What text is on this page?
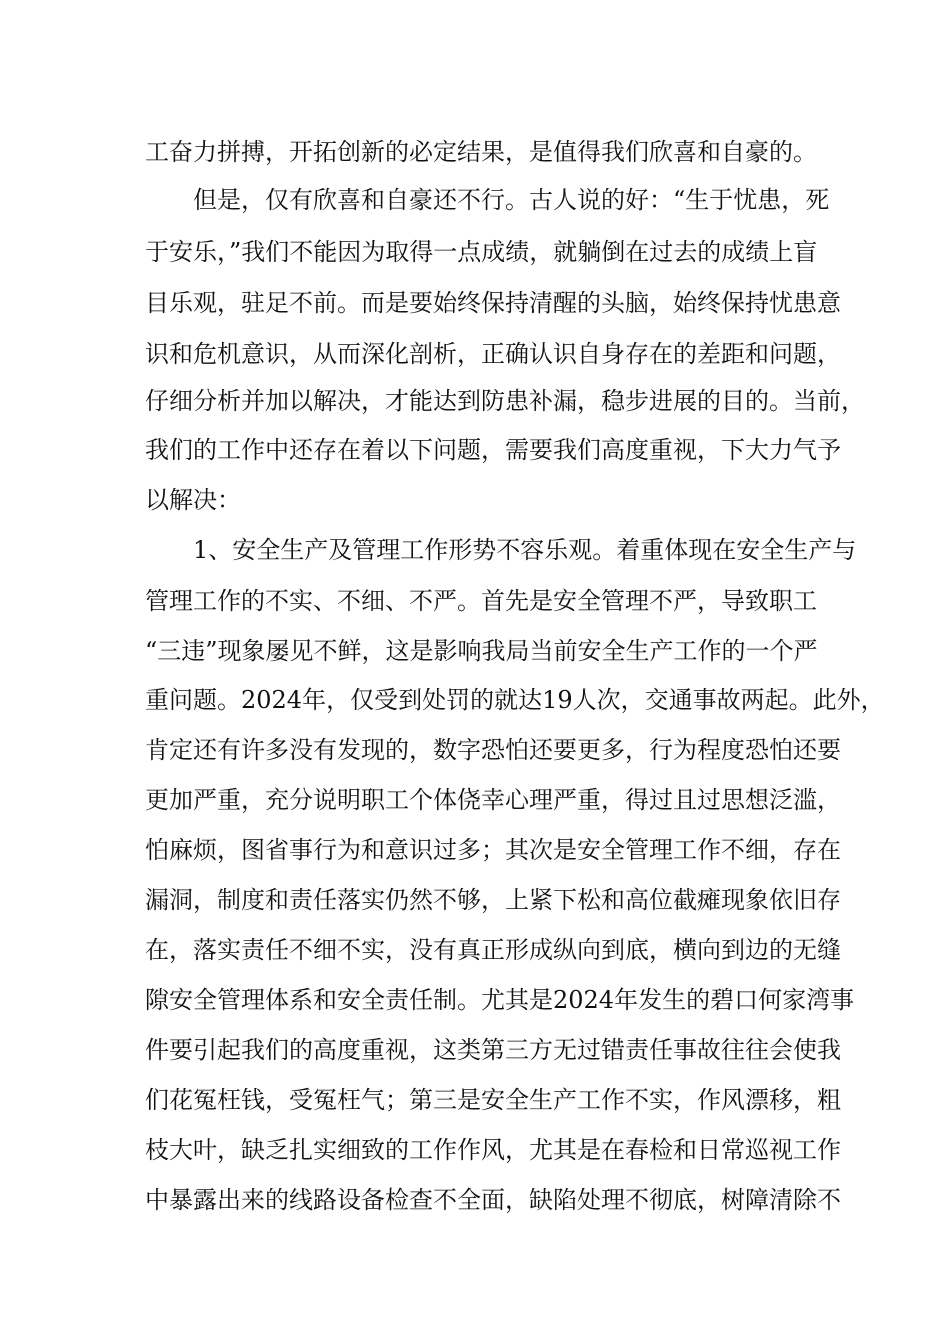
工奋力拼搏，开拓创新的必定结果，是值得我们欣喜和自豪的。
　　但是，仅有欣喜和自豪还不行。古人说的好：“生于忧患，死
于安乐，”我们不能因为取得一点成绩，就躺倒在过去的成绩上盲
目乐观，驻足不前。而是要始终保持清醒的头脑，始终保持忧患意
识和危机意识，从而深化剖析，正确认识自身存在的差距和问题，
仔细分析并加以解决，才能达到防患补漏，稳步进展的目的。当前，
我们的工作中还存在着以下问题，需要我们高度重视，下大力气予
以解决：
　　1、安全生产及管理工作形势不容乐观。着重体现在安全生产与
管理工作的不实、不细、不严。首先是安全管理不严，导致职工
“三违”现象屡见不鲜，这是影响我局当前安全生产工作的一个严
重问题。2024年，仅受到处罚的就达19人次，交通事故两起。此外，
肯定还有许多没有发现的，数字恐怕还要更多，行为程度恐怕还要
更加严重，充分说明职工个体侥幸心理严重，得过且过思想泛滥，
怕麻烦，图省事行为和意识过多；其次是安全管理工作不细，存在
漏洞，制度和责任落实仍然不够，上紧下松和高位截瘫现象依旧存
在，落实责任不细不实，没有真正形成纵向到底，横向到边的无缝
隙安全管理体系和安全责任制。尤其是2024年发生的碧口何家湾事
件要引起我们的高度重视，这类第三方无过错责任事故往往会使我
们花冤枉钱，受冤枉气；第三是安全生产工作不实，作风漂移，粗
枝大叶，缺乏扎实细致的工作作风，尤其是在春检和日常巡视工作
中暴露出来的线路设备检查不全面，缺陷处理不彻底，树障清除不
